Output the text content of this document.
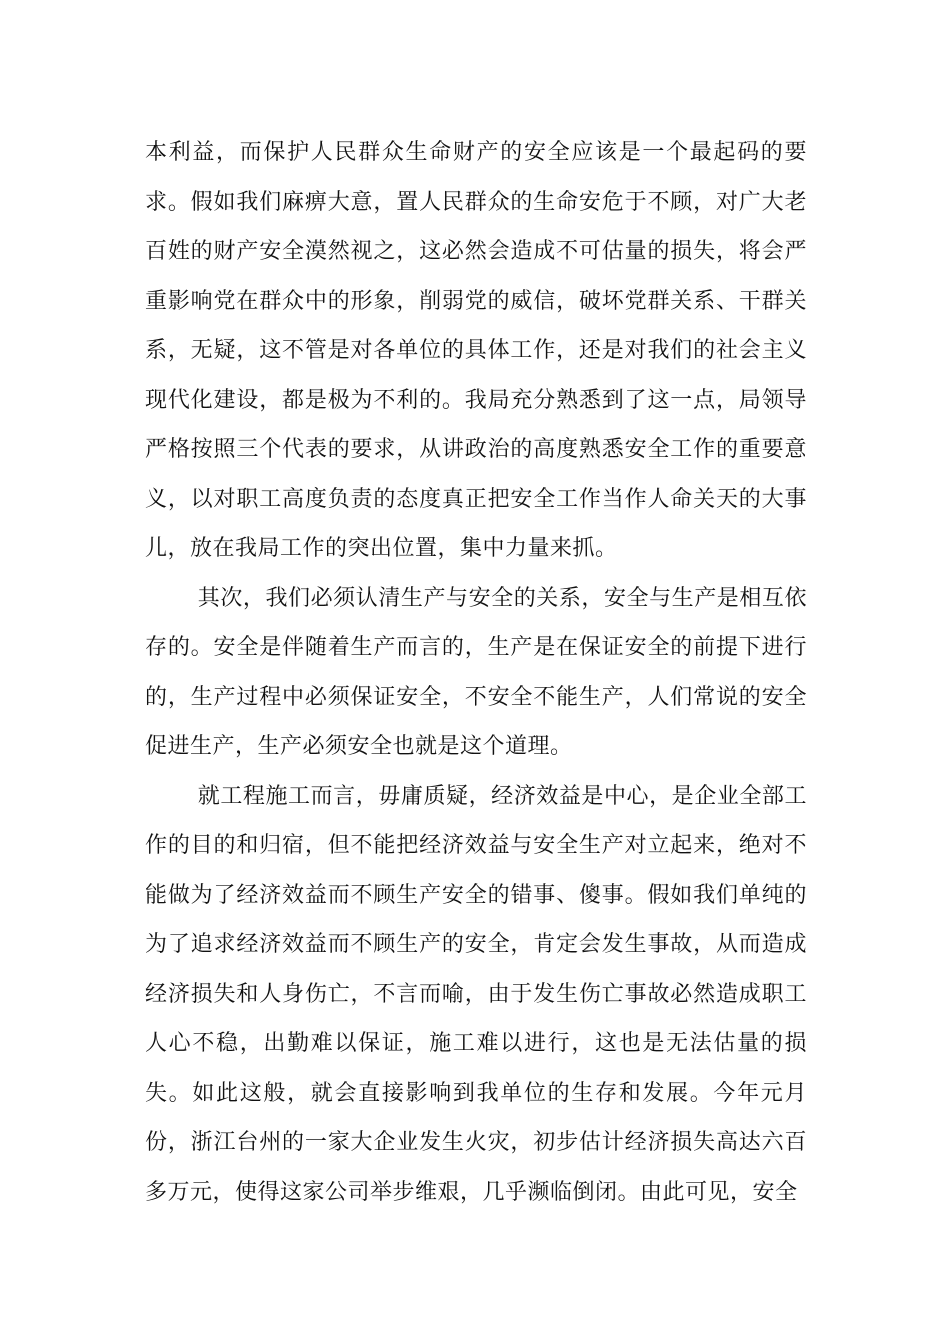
本利益，而保护人民群众生命财产的安全应该是一个最起码的要求。假如我们麻痹大意，置人民群众的生命安危于不顾，对广大老百姓的财产安全漠然视之，这必然会造成不可估量的损失，将会严重影响党在群众中的形象，削弱党的威信，破坏党群关系、干群关系，无疑，这不管是对各单位的具体工作，还是对我们的社会主义现代化建设，都是极为不利的。我局充分熟悉到了这一点，局领导严格按照三个代表的要求，从讲政治的高度熟悉安全工作的重要意义，以对职工高度负责的态度真正把安全工作当作人命关天的大事儿，放在我局工作的突出位置，集中力量来抓。

其次，我们必须认清生产与安全的关系，安全与生产是相互依存的。安全是伴随着生产而言的，生产是在保证安全的前提下进行的，生产过程中必须保证安全，不安全不能生产，人们常说的安全促进生产，生产必须安全也就是这个道理。

就工程施工而言，毋庸质疑，经济效益是中心，是企业全部工作的目的和归宿，但不能把经济效益与安全生产对立起来，绝对不能做为了经济效益而不顾生产安全的错事、傻事。假如我们单纯的为了追求经济效益而不顾生产的安全，肯定会发生事故，从而造成经济损失和人身伤亡，不言而喻，由于发生伤亡事故必然造成职工人心不稳，出勤难以保证，施工难以进行，这也是无法估量的损失。如此这般，就会直接影响到我单位的生存和发展。今年元月份，浙江台州的一家大企业发生火灾，初步估计经济损失高达六百多万元，使得这家公司举步维艰，几乎濒临倒闭。由此可见，安全
